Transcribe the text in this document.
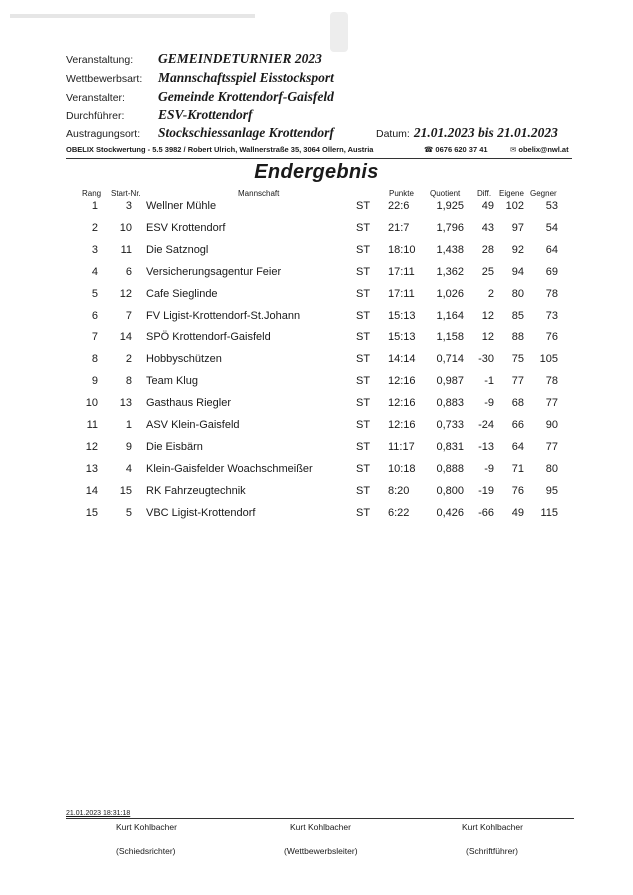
Veranstaltung:	GEMEINDETURNIER 2023
Wettbewerbsart:	Mannschaftsspiel Eisstocksport
Veranstalter:	Gemeinde Krottendorf-Gaisfeld
Durchführer:	ESV-Krottendorf
Austragungsort:	Stockschiessanlage Krottendorf	Datum: 21.01.2023 bis 21.01.2023
OBELIX Stockwertung - 5.5 3982 / Robert Ulrich, Wallnerstraße 35, 3064 Ollern, Austria	☎ 0676 620 37 41	✉ obelix@nwl.at
Endergebnis
Rang Start-Nr.	Mannschaft	Punkte Quotient Diff. Eigene Gegner
1	3 Wellner Mühle	ST	22:6	1,925	49	102	53
2	10 ESV Krottendorf	ST	21:7	1,796	43	97	54
3	11 Die Satznogl	ST	18:10	1,438	28	92	64
4	6 Versicherungsagentur Feier	ST	17:11	1,362	25	94	69
5	12 Cafe Sieglinde	ST	17:11	1,026	2	80	78
6	7 FV Ligist-Krottendorf-St.Johann	ST	15:13	1,164	12	85	73
7	14 SPÖ Krottendorf-Gaisfeld	ST	15:13	1,158	12	88	76
8	2 Hobbyschützen	ST	14:14	0,714	-30	75	105
9	8 Team Klug	ST	12:16	0,987	-1	77	78
10	13 Gasthaus Riegler	ST	12:16	0,883	-9	68	77
11	1 ASV Klein-Gaisfeld	ST	12:16	0,733	-24	66	90
12	9 Die Eisbärn	ST	11:17	0,831	-13	64	77
13	4 Klein-Gaisfelder Woachschmeißer	ST	10:18	0,888	-9	71	80
14	15 RK Fahrzeugtechnik	ST	8:20	0,800	-19	76	95
15	5 VBC Ligist-Krottendorf	ST	6:22	0,426	-66	49	115
21.01.2023 18:31:18
Kurt Kohlbacher	Kurt Kohlbacher	Kurt Kohlbacher
(Schiedsrichter)	(Wettbewerbsleiter)	(Schriftführer)
